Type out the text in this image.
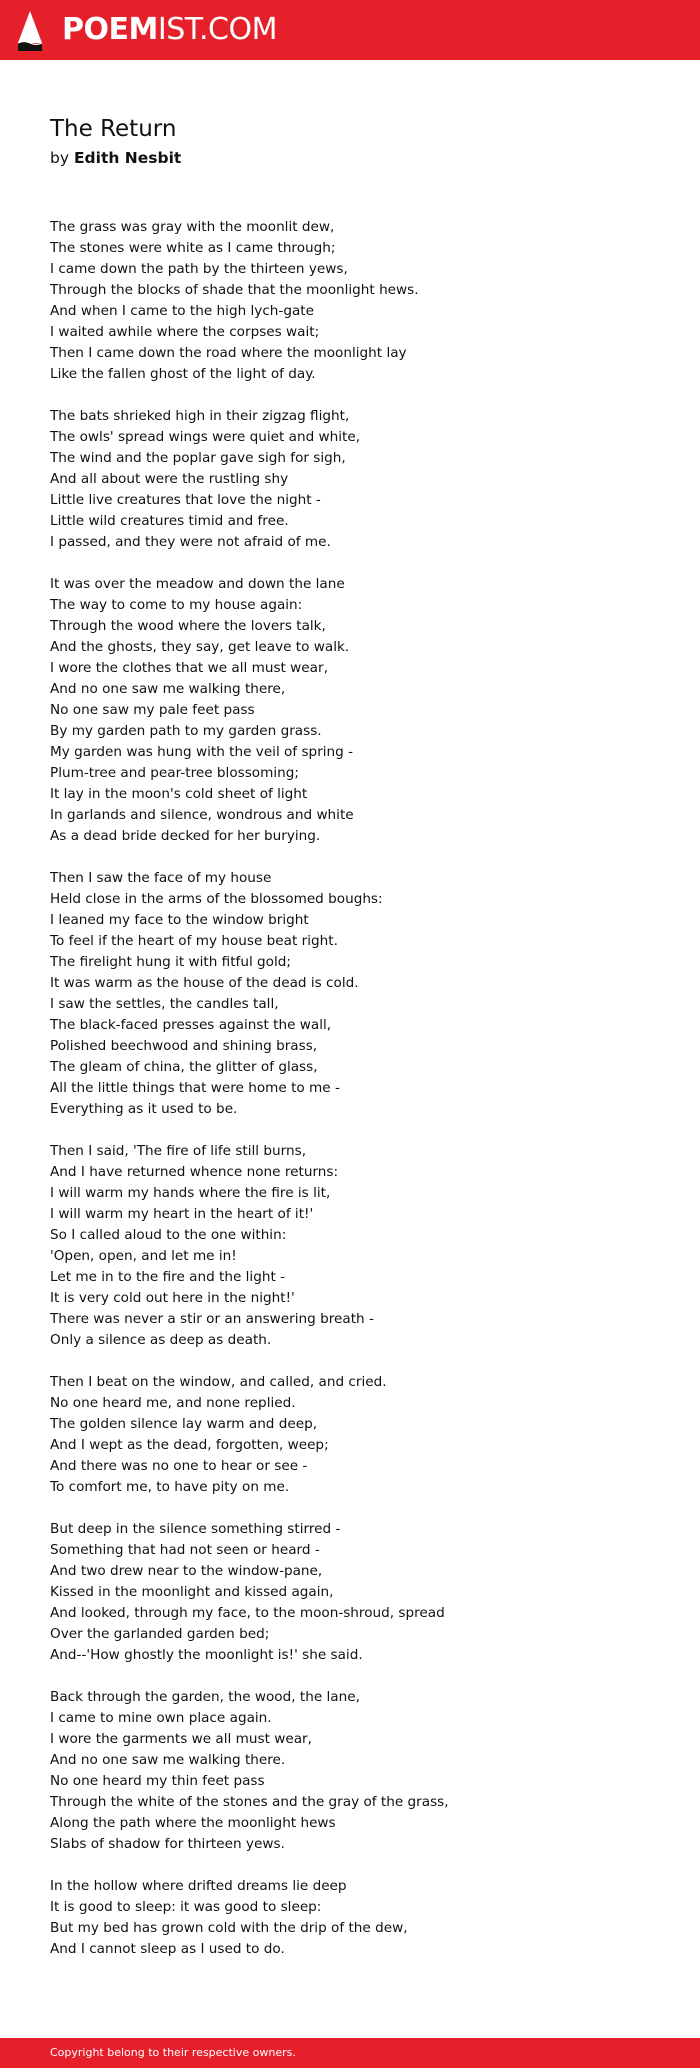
POEMIST.COM
The Return
by Edith Nesbit
The grass was gray with the moonlit dew,
The stones were white as I came through;
I came down the path by the thirteen yews,
Through the blocks of shade that the moonlight hews.
And when I came to the high lych-gate
I waited awhile where the corpses wait;
Then I came down the road where the moonlight lay
Like the fallen ghost of the light of day.
The bats shrieked high in their zigzag flight,
The owls' spread wings were quiet and white,
The wind and the poplar gave sigh for sigh,
And all about were the rustling shy
Little live creatures that love the night -
Little wild creatures timid and free.
I passed, and they were not afraid of me.
It was over the meadow and down the lane
The way to come to my house again:
Through the wood where the lovers talk,
And the ghosts, they say, get leave to walk.
I wore the clothes that we all must wear,
And no one saw me walking there,
No one saw my pale feet pass
By my garden path to my garden grass.
My garden was hung with the veil of spring -
Plum-tree and pear-tree blossoming;
It lay in the moon's cold sheet of light
In garlands and silence, wondrous and white
As a dead bride decked for her burying.
Then I saw the face of my house
Held close in the arms of the blossomed boughs:
I leaned my face to the window bright
To feel if the heart of my house beat right.
The firelight hung it with fitful gold;
It was warm as the house of the dead is cold.
I saw the settles, the candles tall,
The black-faced presses against the wall,
Polished beechwood and shining brass,
The gleam of china, the glitter of glass,
All the little things that were home to me -
Everything as it used to be.
Then I said, 'The fire of life still burns,
And I have returned whence none returns:
I will warm my hands where the fire is lit,
I will warm my heart in the heart of it!'
So I called aloud to the one within:
'Open, open, and let me in!
Let me in to the fire and the light -
It is very cold out here in the night!'
There was never a stir or an answering breath -
Only a silence as deep as death.
Then I beat on the window, and called, and cried.
No one heard me, and none replied.
The golden silence lay warm and deep,
And I wept as the dead, forgotten, weep;
And there was no one to hear or see -
To comfort me, to have pity on me.
But deep in the silence something stirred -
Something that had not seen or heard -
And two drew near to the window-pane,
Kissed in the moonlight and kissed again,
And looked, through my face, to the moon-shroud, spread
Over the garlanded garden bed;
And--'How ghostly the moonlight is!' she said.
Back through the garden, the wood, the lane,
I came to mine own place again.
I wore the garments we all must wear,
And no one saw me walking there.
No one heard my thin feet pass
Through the white of the stones and the gray of the grass,
Along the path where the moonlight hews
Slabs of shadow for thirteen yews.
In the hollow where drifted dreams lie deep
It is good to sleep: it was good to sleep:
But my bed has grown cold with the drip of the dew,
And I cannot sleep as I used to do.
Copyright belong to their respective owners.
